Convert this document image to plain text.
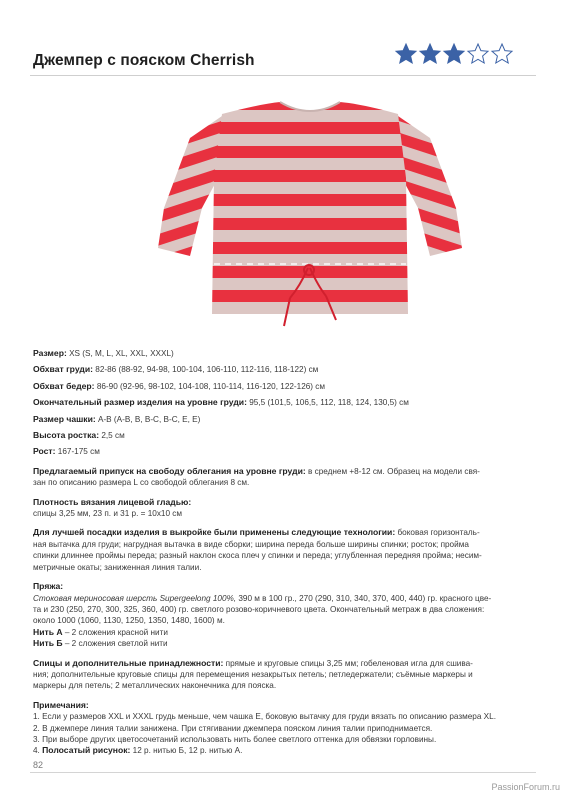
Джемпер с пояском Cherrish

Размер: XS (S, M, L, XL, XXL, XXXL)

Обхват груди: 82-86 (88-92, 94-98, 100-104, 106-110, 112-116, 118-122) см

Обхват бедер: 86-90 (92-96, 98-102, 104-108, 110-114, 116-120, 122-126) см

Окончательный размер изделия на уровне груди: 95,5 (101,5, 106,5, 112, 118, 124, 130,5) см

Размер чашки: A-B (A-B, B, B-C, B-C, E, E)

Высота ростка: 2,5 см

Рост: 167-175 см

Предлагаемый припуск на свободу облегания на уровне груди: в среднем +8-12 см. Образец на модели свя-

зан по описанию размера L со свободой облегания 8 см.

Плотность вязания лицевой гладью:

спицы 3,25 мм, 23 п. и 31 р. = 10х10 см

Для лучшей посадки изделия в выкройке были применены следующие технологии: боковая горизонталь-

ная вытачка для груди; нагрудная вытачка в виде сборки; ширина переда больше ширины спинки; росток; пройма

спинки длиннее проймы переда; разный наклон скоса плеч у спинки и переда; углубленная передняя пройма; несим-

метричные окаты; заниженная линия талии.

Пряжа:

Стоковая мериносовая шерсть Supergeelong 100%, 390 м в 100 гр., 270 (290, 310, 340, 370, 400, 440) гр. красного цве-

та и 230 (250, 270, 300, 325, 360, 400) гр. светлого розово-коричневого цвета. Окончательный метраж в два сложения:

около 1000 (1060, 1130, 1250, 1350, 1480, 1600) м.

Нить А – 2 сложения красной нити

Нить Б – 2 сложения светлой нити

Спицы и дополнительные принадлежности: прямые и круговые спицы 3,25 мм; гобеленовая игла для сшива-

ния; дополнительные круговые спицы для перемещения незакрытых петель; петледержатели; съёмные маркеры и

маркеры для петель; 2 металлических наконечника для пояска.

Примечания:

1. Если у размеров XXL и XXXL грудь меньше, чем чашка E, боковую вытачку для груди вязать по описанию размера XL.

2. В джемпере линия талии занижена. При стягивании джемпера пояском линия талии приподнимается.

3. При выборе других цветосочетаний использовать нить более светлого оттенка для обвязки горловины.

4. Полосатый рисунок: 12 р. нитью Б, 12 р. нитью А.

82
PassionForum.ru
